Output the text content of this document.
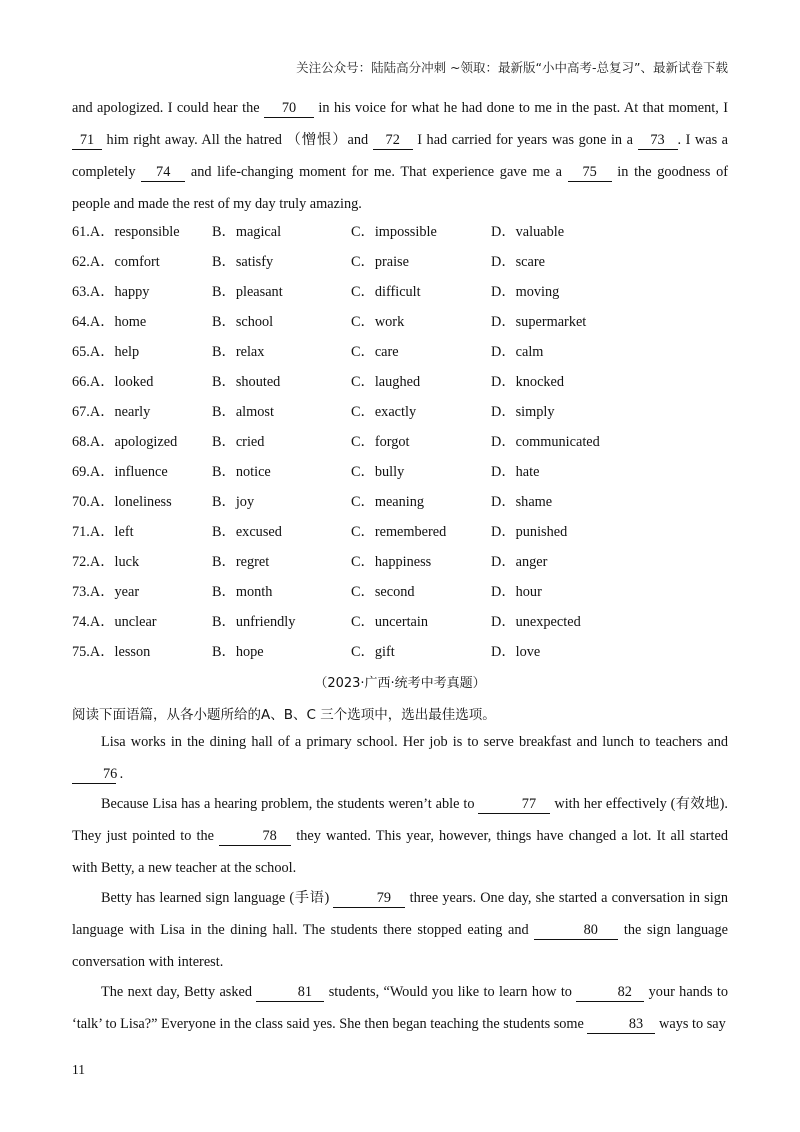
关注公众号：陆陆高分冲刺 ~领取：最新版“小中高考-总复习”、最新试卷下载
and apologized. I could hear the 70 in his voice for what he had done to me in the past. At that moment, I 71 him right away. All the hatred （憎恨）and 72 I had carried for years was gone in a 73 . I was a completely 74 and life-changing moment for me. That experience gave me a 75 in the goodness of people and made the rest of my day truly amazing.
61.A．responsible B．magical	C．impossible	D．valuable
62.A．comfort	B．satisfy	C．praise	D．scare
63.A．happy	B．pleasant	C．difficult	D．moving
64.A．home	B．school	C．work	D．supermarket
65.A．help	B．relax	C．care	D．calm
66.A．looked	B．shouted	C．laughed	D．knocked
67.A．nearly	B．almost	C．exactly	D．simply
68.A．apologized B．cried	C．forgot	D．communicated
69.A．influence	B．notice	C．bully	D．hate
70.A．loneliness	B．joy	C．meaning	D．shame
71.A．left	B．excused	C．remembered	D．punished
72.A．luck	B．regret	C．happiness	D．anger
73.A．year	B．month	C．second	D．hour
74.A．unclear	B．unfriendly	C．uncertain	D．unexpected
75.A．lesson	B．hope	C．gift	D．love
（2023·广西·统考中考真题）
阅读下面语篇，从各小题所给的A、B、C 三个选项中，选出最佳选项。
Lisa works in the dining hall of a primary school. Her job is to serve breakfast and lunch to teachers and 76 .
Because Lisa has a hearing problem, the students weren’t able to	77 with her effectively (有效地). They just pointed to the	78 they wanted. This year, however, things have changed a lot. It all started with Betty, a new teacher at the school.
Betty has learned sign language (手语)	79 three years. One day, she started a conversation in sign language with Lisa in the dining hall. The students there stopped eating and	80 the sign language conversation with interest.
The next day, Betty asked	81 students, “Would you like to learn how to	82 your hands to ‘talk’ to Lisa?” Everyone in the class said yes. She then began teaching the students some	83 ways to say
11
